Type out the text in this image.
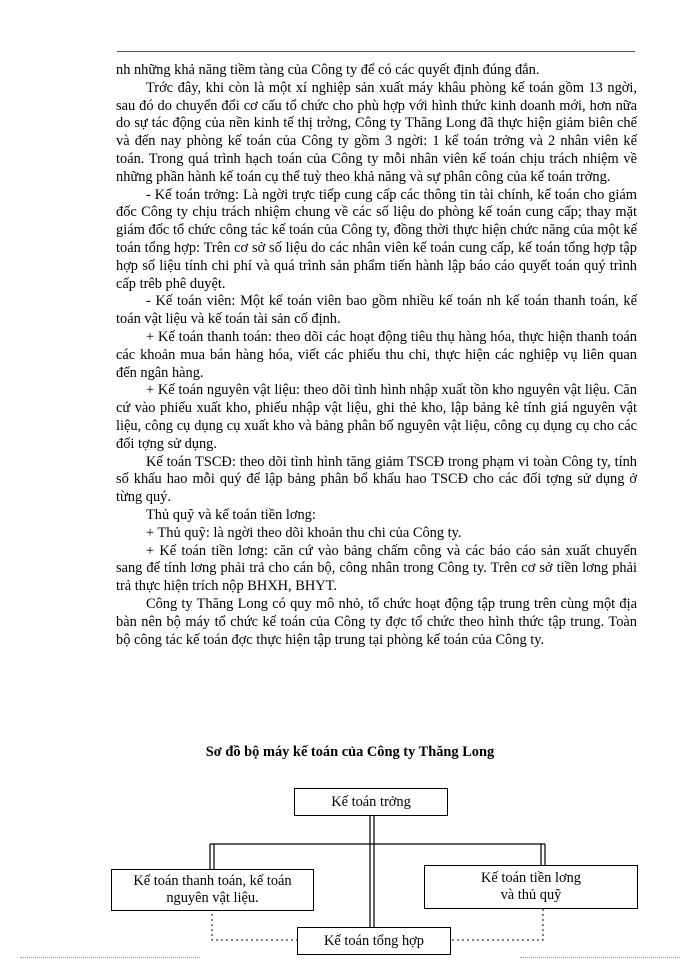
nh những khả năng tiềm tàng của Công ty để có các quyết định đúng đắn.

Trớc đây, khi còn là một xí nghiệp sản xuất máy khâu phòng kế toán gồm 13 ngời, sau đó do chuyển đổi cơ cấu tổ chức cho phù hợp với hình thức kinh doanh mới, hơn nữa do sự tác động của nền kinh tế thị trờng, Công ty Thăng Long đã thực hiện giảm biên chế và đến nay phòng kế toán của Công ty gồm 3 ngời: 1 kế toán trởng và 2 nhân viên kế toán. Trong quá trình hạch toán của Công ty mỗi nhân viên kế toán chịu trách nhiệm về những phần hành kế toán cụ thể tuỳ theo khả năng và sự phân công của kế toán trởng.

- Kế toán trởng: Là ngời trực tiếp cung cấp các thông tin tài chính, kế toán cho giám đốc Công ty chịu trách nhiệm chung về các số liệu do phòng kế toán cung cấp; thay mặt giám đốc tổ chức công tác kế toán của Công ty, đồng thời thực hiện chức năng của một kế toán tổng hợp: Trên cơ sở số liệu do các nhân viên kế toán cung cấp, kế toán tổng hợp tập hợp số liệu tính chi phí và quá trình sản phẩm tiến hành lập báo cáo quyết toán quý trình cấp trêb phê duyệt.

- Kế toán viên: Một kế toán viên bao gồm nhiều kế toán nh kế toán thanh toán, kế toán vật liệu và kế toán tài sản cố định.

+ Kế toán thanh toán: theo dõi các hoạt động tiêu thụ hàng hóa, thực hiện thanh toán các khoản mua bán hàng hóa, viết các phiếu thu chi, thực hiện các nghiệp vụ liên quan đến ngân hàng.

+ Kế toán nguyên vật liệu: theo dõi tình hình nhập xuất tồn kho nguyên vật liệu. Căn cứ vào phiếu xuất kho, phiếu nhập vật liệu, ghi thẻ kho, lập bảng kê tính giá nguyên vật liệu, công cụ dụng cụ xuất kho và bảng phân bố nguyên vật liệu, công cụ dụng cụ cho các đối tợng sử dụng.

Kế toán TSCĐ: theo dõi tình hình tăng giảm TSCĐ trong phạm vi toàn Công ty, tính số khấu hao mỗi quý để lập bảng phân bổ khấu hao TSCĐ cho các đối tợng sử dụng ở từng quý.

Thủ quỹ và kế toán tiền lơng:

+ Thủ quỹ: là ngời theo dõi khoản thu chi của Công ty.

+ Kế toán tiền lơng: căn cứ vào bảng chấm công và các báo cáo sản xuất chuyển sang để tính lơng phải trả cho cán bộ, công nhân trong Công ty. Trên cơ sở tiền lơng phải trả thực hiện trích nộp BHXH, BHYT.

Công ty Thăng Long có quy mô nhỏ, tổ chức hoạt động tập trung trên cùng một địa bàn nên bộ máy tổ chức kế toán của Công ty đợc tổ chức theo hình thức tập trung. Toàn bộ công tác kế toán đợc thực hiện tập trung tại phòng kế toán của Công ty.

Sơ đồ bộ máy kế toán của Công ty Thăng Long
Kế toán trởng
Kế toán thanh toán, kế toán
nguyên vật liệu.
Kế toán tiền lơng
và thủ quỹ
Kế toán tổng hợp
